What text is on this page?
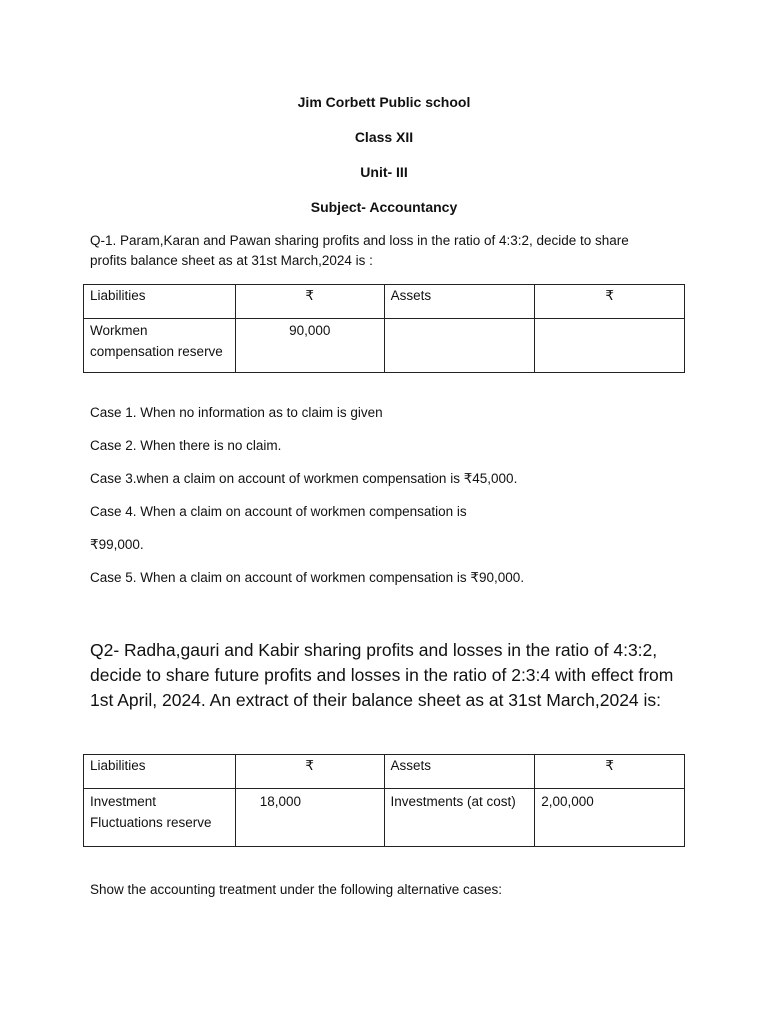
Jim Corbett Public school
Class XII
Unit- III
Subject- Accountancy
Q-1. Param,Karan and Pawan sharing profits and loss in the ratio of 4:3:2, decide to share profits balance sheet as at 31st March,2024 is :
Liabilities	₹	Assets	₹
Workmen compensation reserve	90,000		
Case 1. When no information as to claim is given
Case 2. When there is no claim.
Case 3.when a claim on account of workmen compensation is ₹45,000.
Case 4. When a claim on account of workmen compensation is
₹99,000.
Case 5. When a claim on account of workmen compensation is ₹90,000.
Q2- Radha,gauri and Kabir sharing profits and losses in the ratio of 4:3:2, decide to share future profits and losses in the ratio of 2:3:4 with effect from 1st April, 2024. An extract of their balance sheet as at 31st March,2024 is:
Liabilities	₹	Assets	₹
Investment Fluctuations reserve	18,000	Investments (at cost)	2,00,000
Show the accounting treatment under the following alternative cases:
